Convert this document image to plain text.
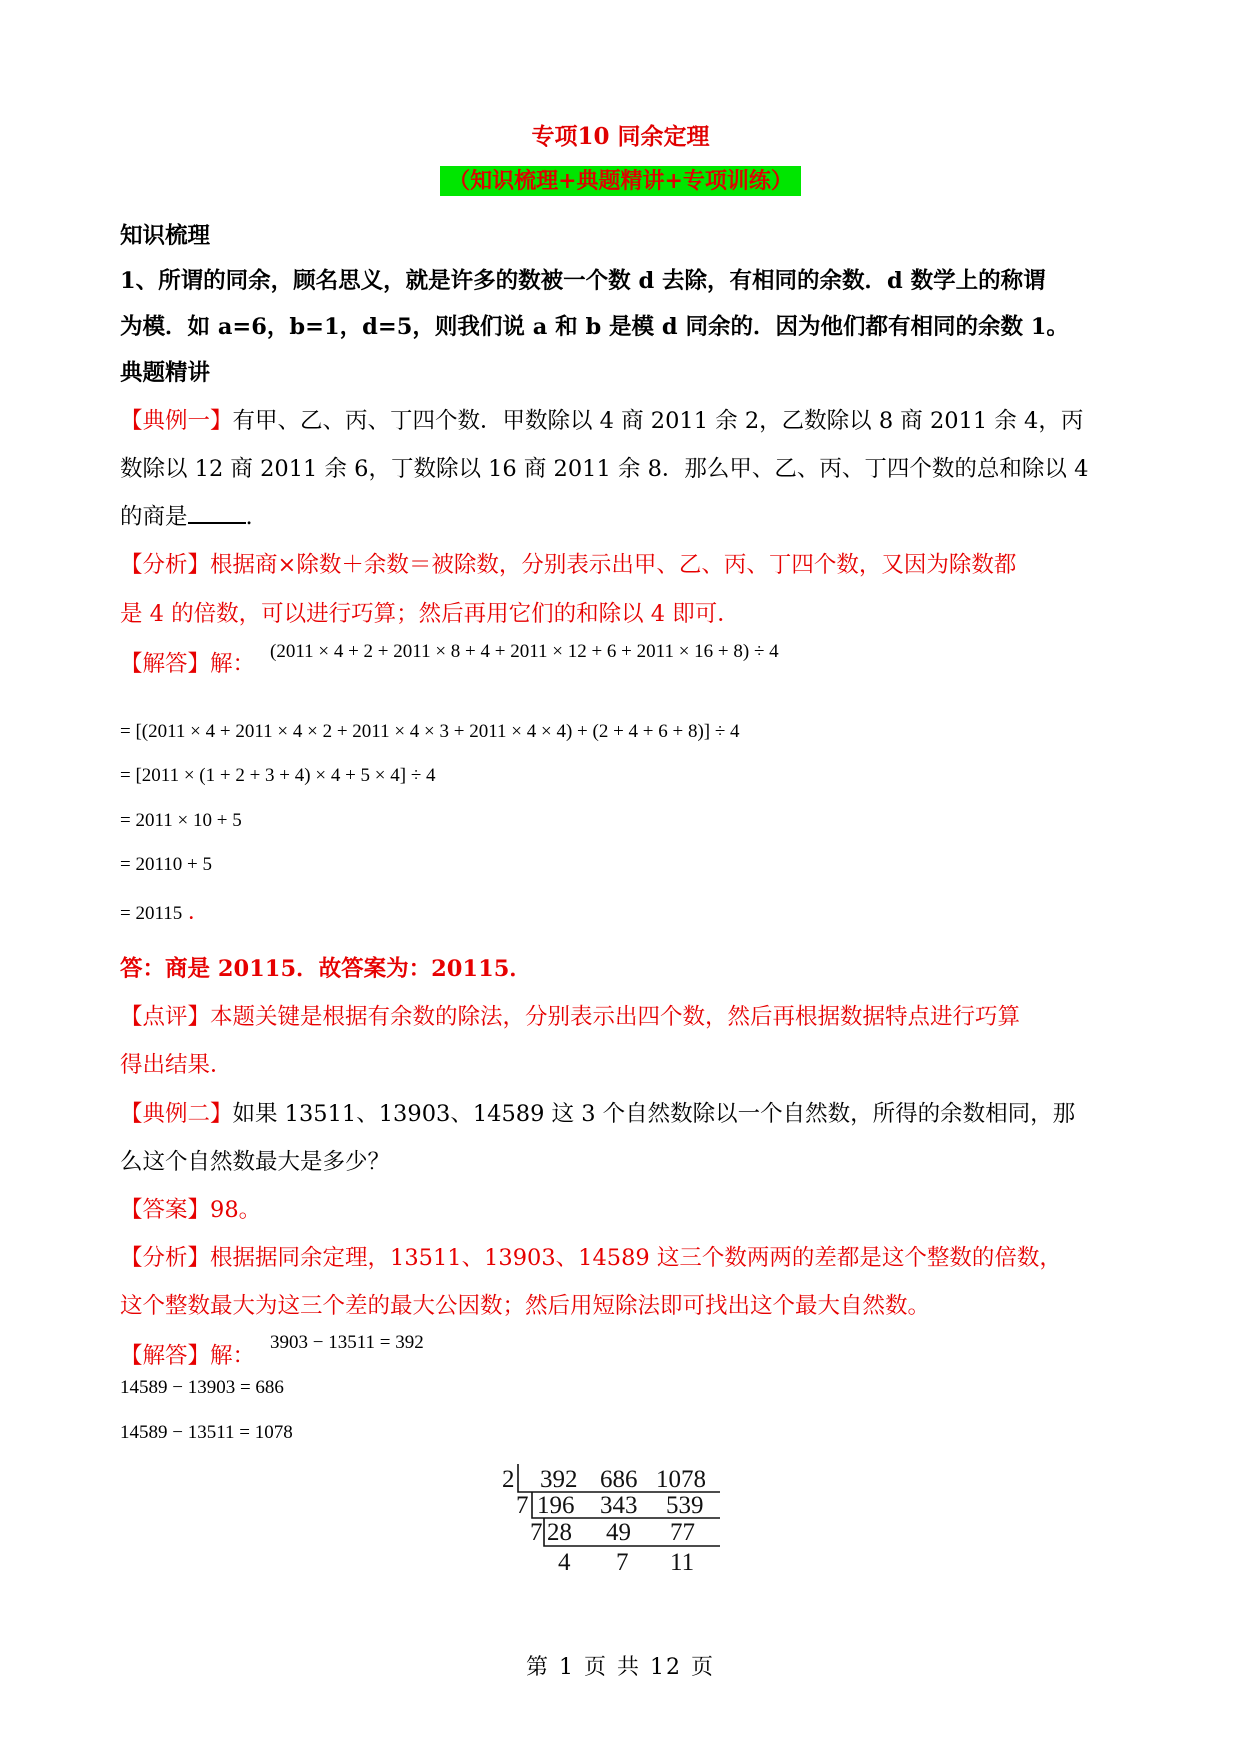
专项10 同余定理
（知识梳理+典题精讲+专项训练）
知识梳理
1、所谓的同余，顾名思义，就是许多的数被一个数 d 去除，有相同的余数．d 数学上的称谓
为模．如 a=6，b=1，d=5，则我们说 a 和 b 是模 d 同余的．因为他们都有相同的余数 1。
典题精讲
【典例一】有甲、乙、丙、丁四个数．甲数除以 4 商 2011 余 2，乙数除以 8 商 2011 余 4，丙
数除以 12 商 2011 余 6，丁数除以 16 商 2011 余 8．那么甲、乙、丙、丁四个数的总和除以 4
的商是	.
【分析】根据商×除数＋余数＝被除数，分别表示出甲、乙、丙、丁四个数，又因为除数都
是 4 的倍数，可以进行巧算；然后再用它们的和除以 4 即可．
【解答】解： (2011 × 4 + 2 + 2011 × 8 + 4 + 2011 × 12 + 6 + 2011 × 16 + 8) ÷ 4
= [(2011 × 4 + 2011 × 4 × 2 + 2011 × 4 × 3 + 2011 × 4 × 4) + (2 + 4 + 6 + 8)] ÷ 4
= [2011 × (1 + 2 + 3 + 4) × 4 + 5 × 4] ÷ 4
= 2011 × 10 + 5
= 20110 + 5
= 20115 .
答：商是 20115．故答案为：20115．
【点评】本题关键是根据有余数的除法，分别表示出四个数，然后再根据数据特点进行巧算
得出结果．
【典例二】如果 13511、13903、14589 这 3 个自然数除以一个自然数，所得的余数相同，那
么这个自然数最大是多少？
【答案】98。
【分析】根据据同余定理，13511、13903、14589 这三个数两两的差都是这个整数的倍数，
这个整数最大为这三个差的最大公因数；然后用短除法即可找出这个最大自然数。
【解答】解：
3903 − 13511 = 392
14589 − 13903 = 686
14589 − 13511 = 1078
2
7
7
392 686 1078
196 343 539
28 49 77
4 7 11
第 1 页 共 12 页
